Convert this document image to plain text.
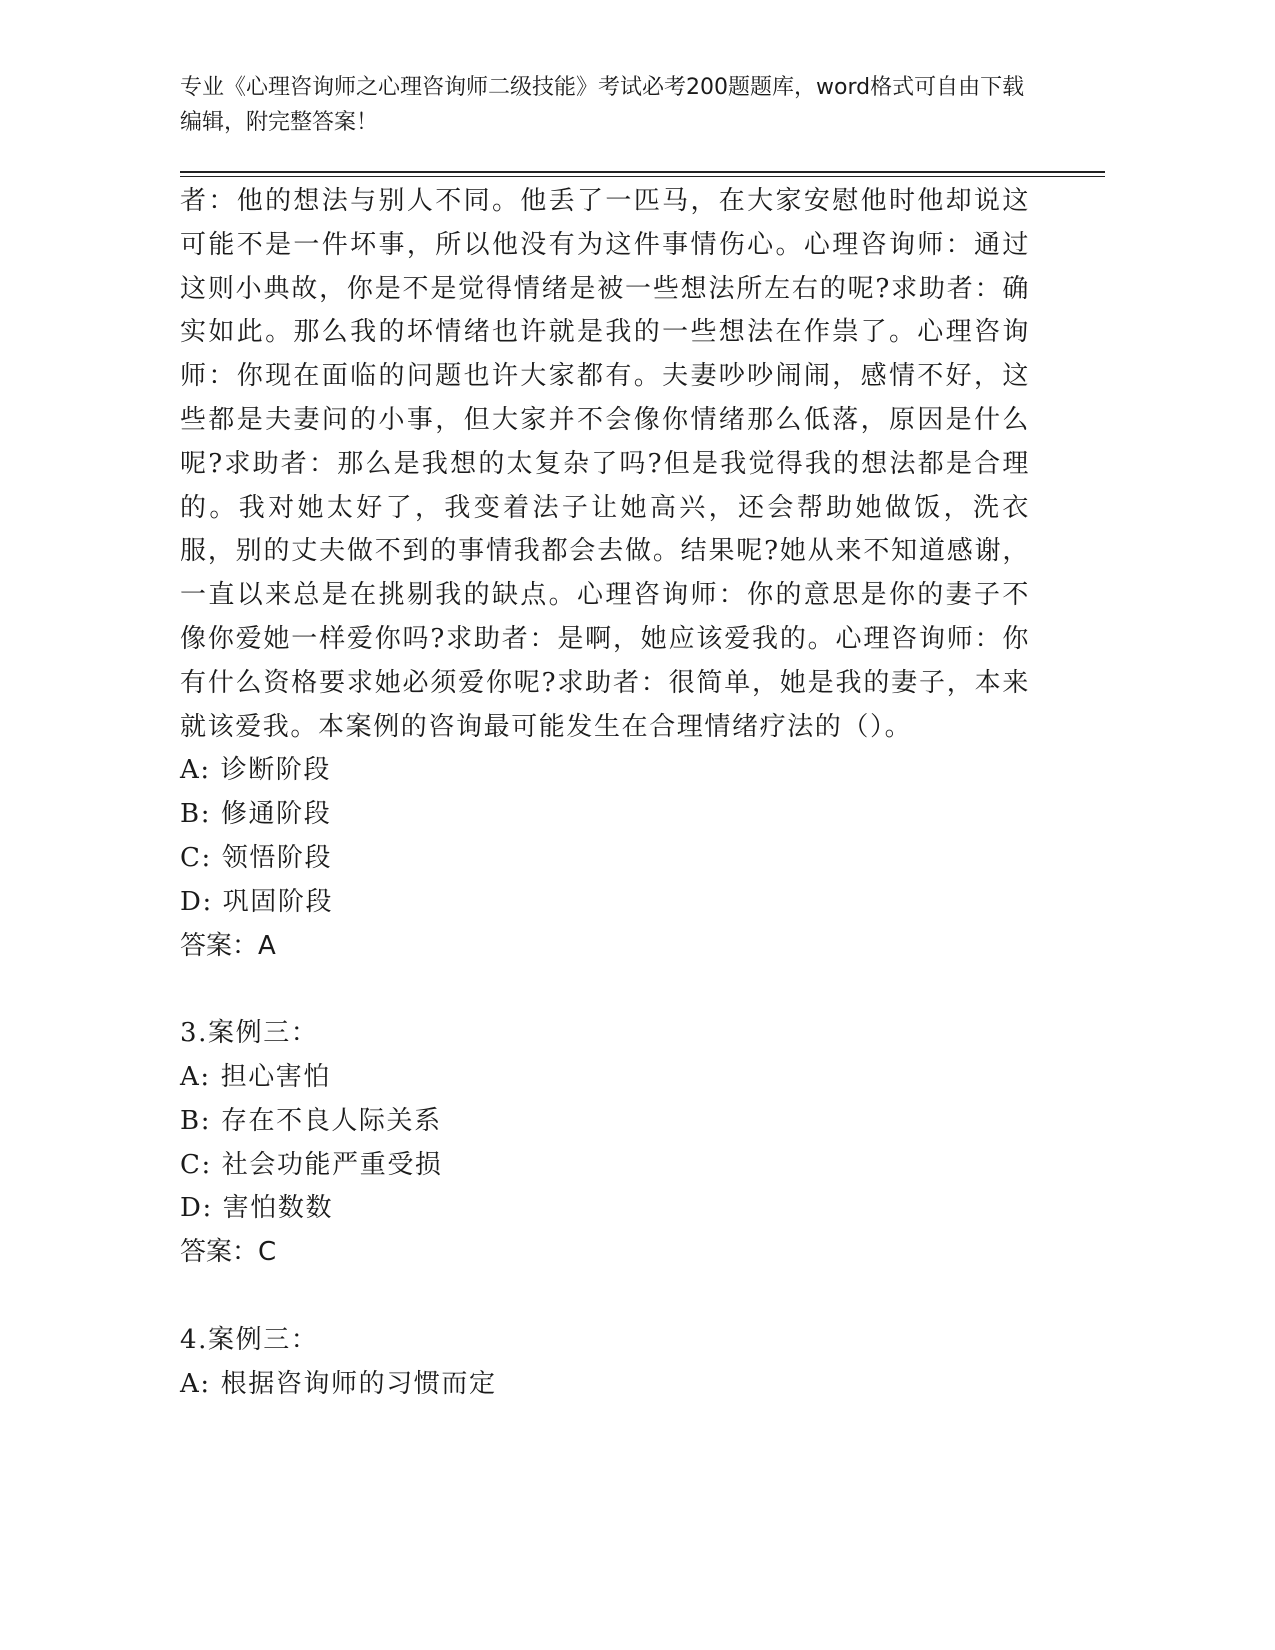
专业《心理咨询师之心理咨询师二级技能》考试必考200题题库，word格式可自由下载编辑，附完整答案！

者：他的想法与别人不同。他丢了一匹马，在大家安慰他时他却说这可能不是一件坏事，所以他没有为这件事情伤心。心理咨询师：通过这则小典故，你是不是觉得情绪是被一些想法所左右的呢?求助者：确实如此。那么我的坏情绪也许就是我的一些想法在作祟了。心理咨询师：你现在面临的问题也许大家都有。夫妻吵吵闹闹，感情不好，这些都是夫妻问的小事，但大家并不会像你情绪那么低落，原因是什么呢?求助者：那么是我想的太复杂了吗?但是我觉得我的想法都是合理的。我对她太好了，我变着法子让她高兴，还会帮助她做饭，洗衣服，别的丈夫做不到的事情我都会去做。结果呢?她从来不知道感谢，一直以来总是在挑剔我的缺点。心理咨询师：你的意思是你的妻子不像你爱她一样爱你吗?求助者：是啊，她应该爱我的。心理咨询师：你有什么资格要求她必须爱你呢?求助者：很简单，她是我的妻子，本来就该爱我。本案例的咨询最可能发生在合理情绪疗法的（）。

A: 诊断阶段

B: 修通阶段

C: 领悟阶段

D: 巩固阶段

答案：A

3.案例三：

A: 担心害怕

B: 存在不良人际关系

C: 社会功能严重受损

D: 害怕数数

答案：C

4.案例三：

A: 根据咨询师的习惯而定
